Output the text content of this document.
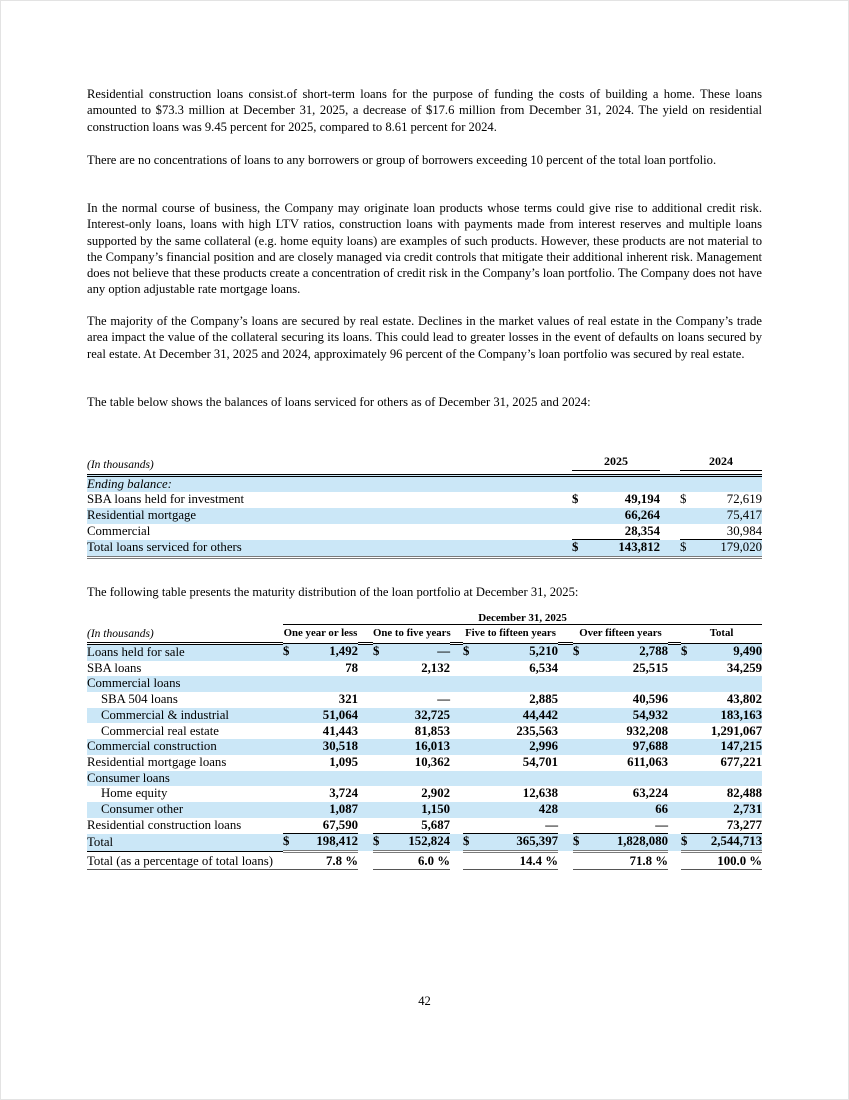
Residential construction loans consist.of short-term loans for the purpose of funding the costs of building a home. These loans amounted to $73.3 million at December 31, 2025, a decrease of $17.6 million from December 31, 2024. The yield on residential construction loans was 9.45 percent for 2025, compared to 8.61 percent for 2024.

There are no concentrations of loans to any borrowers or group of borrowers exceeding 10 percent of the total loan portfolio.

In the normal course of business, the Company may originate loan products whose terms could give rise to additional credit risk. Interest-only loans, loans with high LTV ratios, construction loans with payments made from interest reserves and multiple loans supported by the same collateral (e.g. home equity loans) are examples of such products. However, these products are not material to the Company’s financial position and are closely managed via credit controls that mitigate their additional inherent risk. Management does not believe that these products create a concentration of credit risk in the Company’s loan portfolio. The Company does not have any option adjustable rate mortgage loans.

The majority of the Company’s loans are secured by real estate. Declines in the market values of real estate in the Company’s trade area impact the value of the collateral securing its loans. This could lead to greater losses in the event of defaults on loans secured by real estate. At December 31, 2025 and 2024, approximately 96 percent of the Company’s loan portfolio was secured by real estate.

The table below shows the balances of loans serviced for others as of December 31, 2025 and 2024:

(In thousands)	2025		2024

Ending balance:			
SBA loans held for investment	$ 49,194		$ 72,619
Residential mortgage	66,264		75,417
Commercial	28,354		30,984
Total loans serviced for others	$ 143,812		$ 179,020

The following table presents the maturity distribution of the loan portfolio at December 31, 2025:

	December 31, 2025								
(In thousands)	One year or less		One to five years		Five to fifteen years		Over fifteen years		Total

Loans held for sale	$ 1,492		$ —		$ 5,210		$ 2,788		$ 9,490
SBA loans	78		2,132		6,534		25,515		34,259
Commercial loans									
SBA 504 loans	321		—		2,885		40,596		43,802
Commercial & industrial	51,064		32,725		44,442		54,932		183,163
Commercial real estate	41,443		81,853		235,563		932,208		1,291,067
Commercial construction	30,518		16,013		2,996		97,688		147,215
Residential mortgage loans	1,095		10,362		54,701		611,063		677,221
Consumer loans									
Home equity	3,724		2,902		12,638		63,224		82,488
Consumer other	1,087		1,150		428		66		2,731
Residential construction loans	67,590		5,687		—		—		73,277
Total	$ 198,412		$ 152,824		$ 365,397		$ 1,828,080		$ 2,544,713
Total (as a percentage of total loans)	7.8 %		6.0 %		14.4 %		71.8 %		100.0 %
42
